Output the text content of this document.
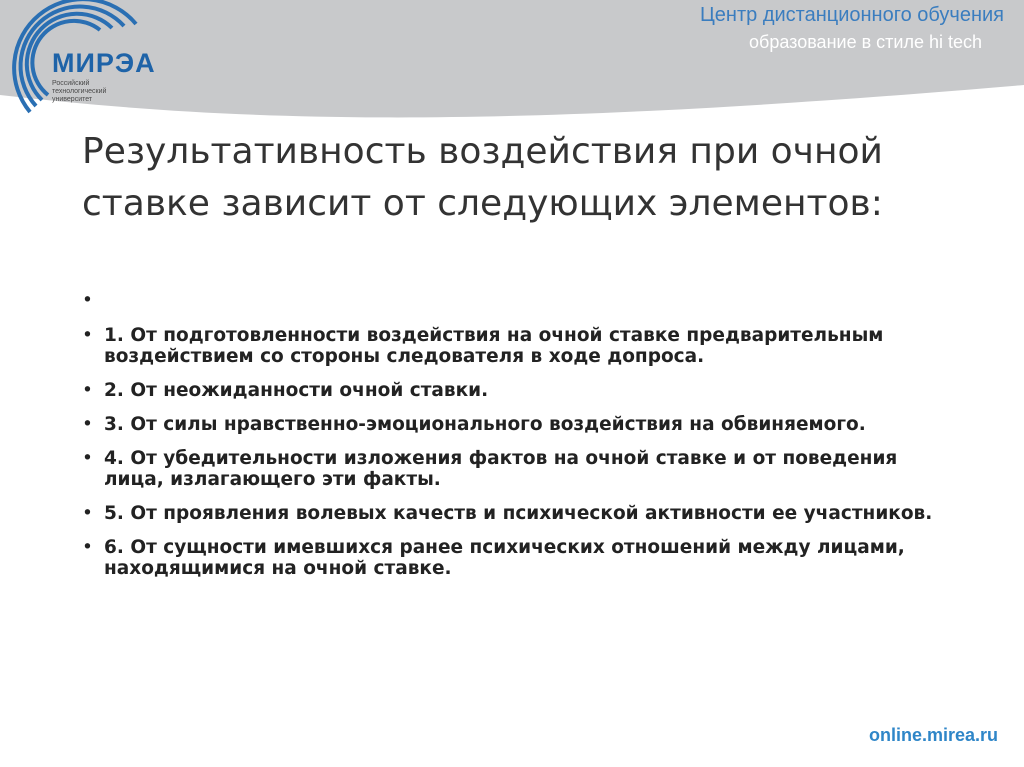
МИРЭА
Российский
технологический
университет
Центр дистанционного обучения
образование в стиле hi tech
Результативность воздействия при очной ставке зависит от следующих элементов:
•
• 1. От подготовленности воздействия на очной ставке предварительным воздействием со стороны следователя в ходе допроса.
• 2. От неожиданности очной ставки.
• 3. От силы нравственно-эмоционального воздействия на обвиняемого.
• 4. От убедительности изложения фактов на очной ставке и от поведения лица, излагающего эти факты.
• 5. От проявления волевых качеств и психической активности ее участников.
• 6. От сущности имевшихся ранее психических отношений между лицами, находящимися на очной ставке.
online.mirea.ru
